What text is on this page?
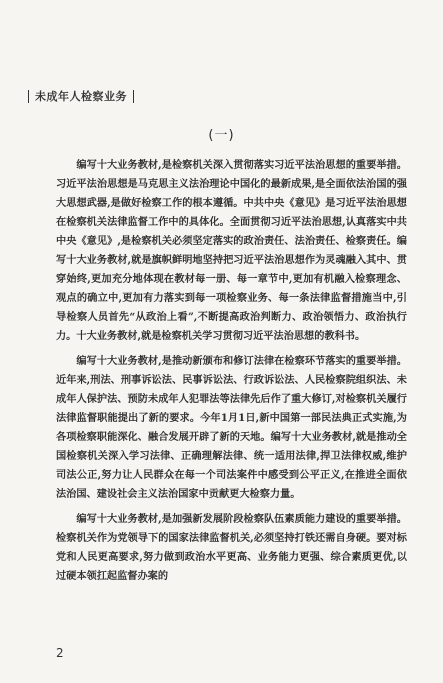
未成年人检察业务
(一)

编写十大业务教材,是检察机关深入贯彻落实习近平法治思想的重要举措。习近平法治思想是马克思主义法治理论中国化的最新成果,是全面依法治国的强大思想武器,是做好检察工作的根本遵循。中共中央《意见》是习近平法治思想在检察机关法律监督工作中的具体化。全面贯彻习近平法治思想,认真落实中共中央《意见》,是检察机关必须坚定落实的政治责任、法治责任、检察责任。编写十大业务教材,就是旗帜鲜明地坚持把习近平法治思想作为灵魂融入其中、贯穿始终,更加充分地体现在教材每一册、每一章节中,更加有机融入检察理念、观点的确立中,更加有力落实到每一项检察业务、每一条法律监督措施当中,引导检察人员首先“从政治上看”,不断提高政治判断力、政治领悟力、政治执行力。十大业务教材,就是检察机关学习贯彻习近平法治思想的教科书。

编写十大业务教材,是推动新颁布和修订法律在检察环节落实的重要举措。近年来,刑法、刑事诉讼法、民事诉讼法、行政诉讼法、人民检察院组织法、未成年人保护法、预防未成年人犯罪法等法律先后作了重大修订,对检察机关履行法律监督职能提出了新的要求。今年1月1日,新中国第一部民法典正式实施,为各项检察职能深化、融合发展开辟了新的天地。编写十大业务教材,就是推动全国检察机关深入学习法律、正确理解法律、统一适用法律,捍卫法律权威,维护司法公正,努力让人民群众在每一个司法案件中感受到公平正义,在推进全面依法治国、建设社会主义法治国家中贡献更大检察力量。

编写十大业务教材,是加强新发展阶段检察队伍素质能力建设的重要举措。检察机关作为党领导下的国家法律监督机关,必须坚持打铁还需自身硬。要对标党和人民更高要求,努力做到政治水平更高、业务能力更强、综合素质更优,以过硬本领扛起监督办案的

2
